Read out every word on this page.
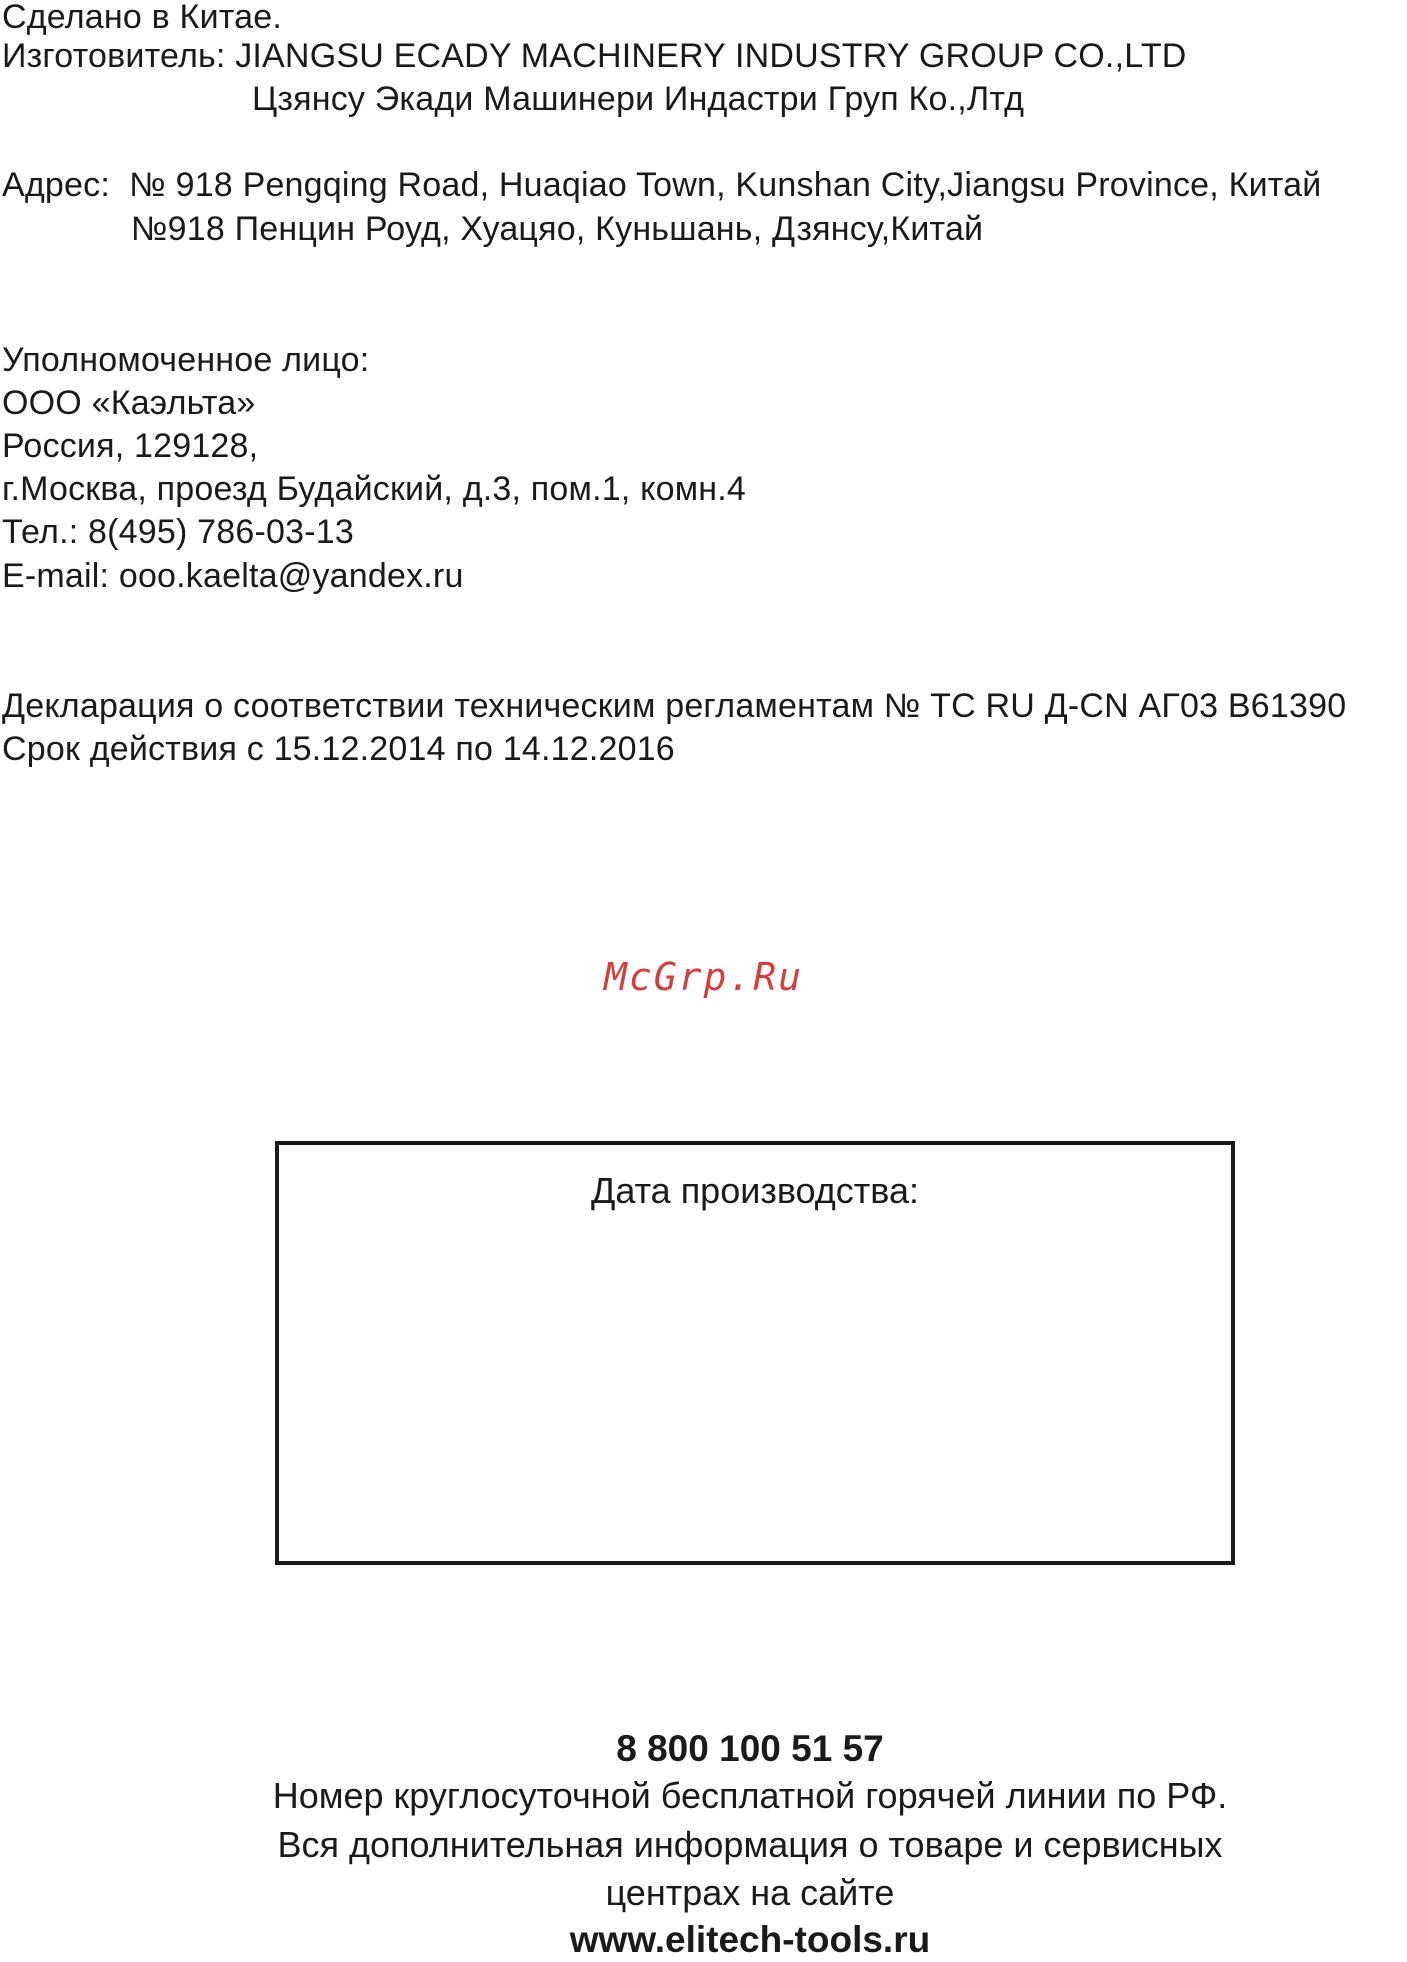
Сделано в Китае.
Изготовитель: JIANGSU ECADY MACHINERY INDUSTRY GROUP CO.,LTD
Цзянсу Экади Машинери Индастри Груп Ко.,Лтд
Адрес:  № 918 Pengqing Road, Huaqiao Town, Kunshan City,Jiangsu Province, Китай
№918 Пенцин Роуд, Хуацяо, Куньшань, Дзянсу,Китай
Уполномоченное лицо:
ООО «Каэльта»
Россия, 129128,
г.Москва, проезд Будайский, д.3, пом.1, комн.4
Тел.: 8(495) 786-03-13
E-mail: ooo.kaelta@yandex.ru
Декларация о соответствии техническим регламентам № ТС RU Д-CN АГ03 В61390
Срок действия с 15.12.2014 по 14.12.2016
McGrp.Ru
Дата производства:
8 800 100 51 57
Номер круглосуточной бесплатной горячей линии по РФ.
Вся дополнительная информация о товаре и сервисных
центрах на сайте
www.elitech-tools.ru
